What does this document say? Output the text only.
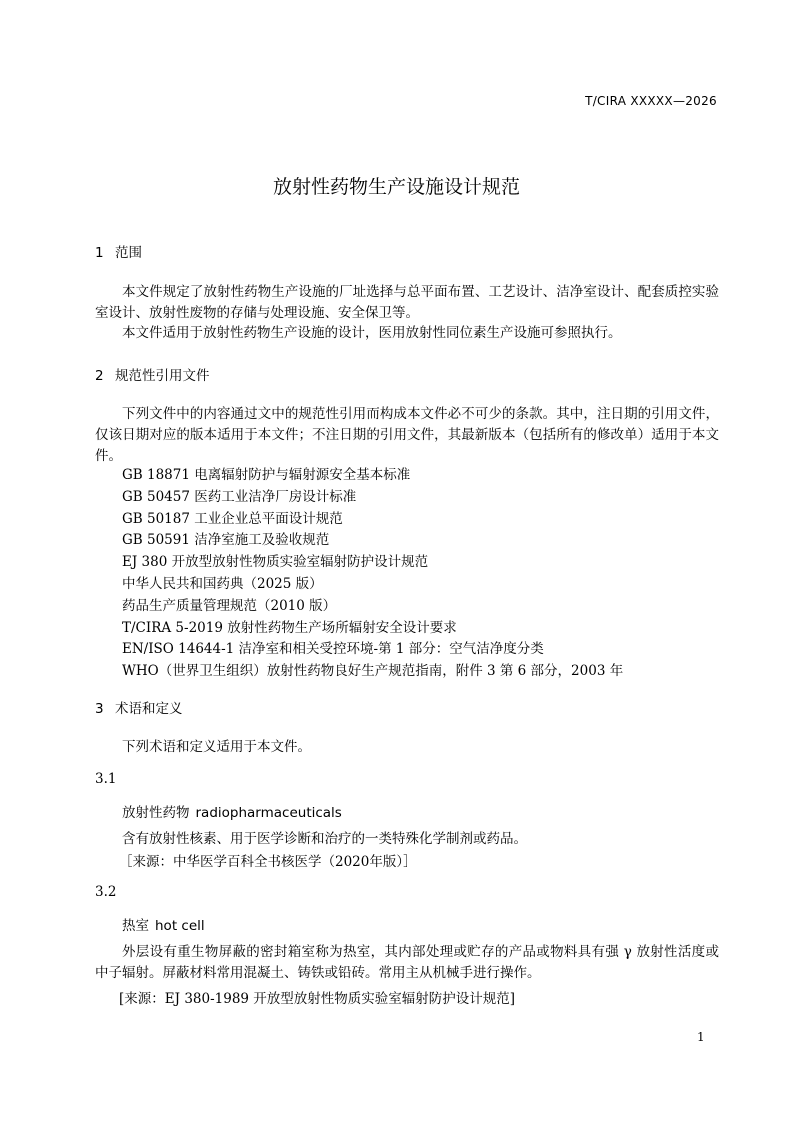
T/CIRA XXXXX—2026
放射性药物生产设施设计规范
1 范围
本文件规定了放射性药物生产设施的厂址选择与总平面布置、工艺设计、洁净室设计、配套质控实验室设计、放射性废物的存储与处理设施、安全保卫等。
本文件适用于放射性药物生产设施的设计，医用放射性同位素生产设施可参照执行。
2 规范性引用文件
下列文件中的内容通过文中的规范性引用而构成本文件必不可少的条款。其中，注日期的引用文件，仅该日期对应的版本适用于本文件；不注日期的引用文件，其最新版本（包括所有的修改单）适用于本文件。
GB 18871 电离辐射防护与辐射源安全基本标准
GB 50457 医药工业洁净厂房设计标准
GB 50187 工业企业总平面设计规范
GB 50591 洁净室施工及验收规范
EJ 380 开放型放射性物质实验室辐射防护设计规范
中华人民共和国药典（2025 版）
药品生产质量管理规范（2010 版）
T/CIRA 5-2019 放射性药物生产场所辐射安全设计要求
EN/ISO 14644-1 洁净室和相关受控环境-第 1 部分：空气洁净度分类
WHO（世界卫生组织）放射性药物良好生产规范指南，附件 3 第 6 部分，2003 年
3 术语和定义
下列术语和定义适用于本文件。
3.1
放射性药物 radiopharmaceuticals
含有放射性核素、用于医学诊断和治疗的一类特殊化学制剂或药品。
［来源：中华医学百科全书核医学（2020年版）］
3.2
热室 hot cell
外层设有重生物屏蔽的密封箱室称为热室，其内部处理或贮存的产品或物料具有强 γ 放射性活度或中子辐射。屏蔽材料常用混凝土、铸铁或铅砖。常用主从机械手进行操作。
[来源：EJ 380-1989 开放型放射性物质实验室辐射防护设计规范]
1
